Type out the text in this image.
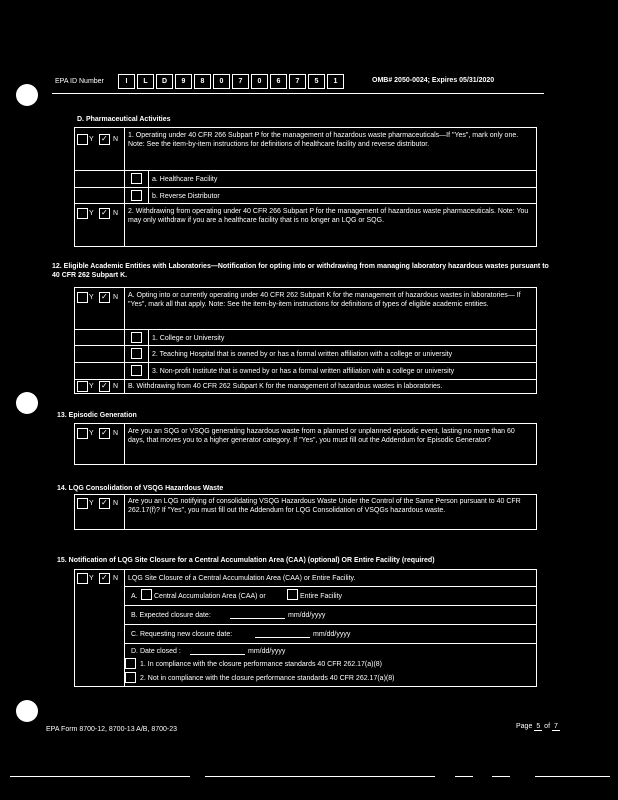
EPA ID Number	I	L	D	9	8	0	7	0	6	7	5	1	OMB# 2050-0024; Expires 05/31/2020
D. Pharmaceutical Activities
Y ✓ N
1. Operating under 40 CFR 266 Subpart P for the management of hazardous waste pharmaceuticals—If "Yes", mark only one. Note: See the item-by-item instructions for definitions of healthcare facility and reverse distributor.
a. Healthcare Facility
b. Reverse Distributor
Y ✓ N 2. Withdrawing from operating under 40 CFR 266 Subpart P for the management of hazardous waste pharmaceuticals. Note: You may only withdraw if you are a healthcare facility that is no longer an LQG or SQG.
12. Eligible Academic Entities with Laboratories—Notification for opting into or withdrawing from managing laboratory hazardous wastes pursuant to 40 CFR 262 Subpart K.
Y ✓ N A. Opting into or currently operating under 40 CFR 262 Subpart K for the management of hazardous wastes in laboratories— If "Yes", mark all that apply. Note: See the item-by-item instructions for definitions of types of eligible academic entities.
1. College or University
2. Teaching Hospital that is owned by or has a formal written affiliation with a college or university
3. Non-profit Institute that is owned by or has a formal written affiliation with a college or university
Y ✓ N B. Withdrawing from 40 CFR 262 Subpart K for the management of hazardous wastes in laboratories.
13. Episodic Generation
Y ✓ N Are you an SQG or VSQG generating hazardous waste from a planned or unplanned episodic event, lasting no more than 60 days, that moves you to a higher generator category. If "Yes", you must fill out the Addendum for Episodic Generator?
14. LQG Consolidation of VSQG Hazardous Waste
Y ✓ N Are you an LQG notifying of consolidating VSQG Hazardous Waste Under the Control of the Same Person pursuant to 40 CFR 262.17(f)? If "Yes", you must fill out the Addendum for LQG Consolidation of VSQGs hazardous waste.
15. Notification of LQG Site Closure for a Central Accumulation Area (CAA) (optional) OR Entire Facility (required)
Y ✓ N LQG Site Closure of a Central Accumulation Area (CAA) or Entire Facility.
A. Central Accumulation Area (CAA) or	Entire Facility
B. Expected closure date:	mm/dd/yyyy
C. Requesting new closure date:	mm/dd/yyyy
D. Date closed :	mm/dd/yyyy
1. In compliance with the closure performance standards 40 CFR 262.17(a)(8)
2. Not in compliance with the closure performance standards 40 CFR 262.17(a)(8)
EPA Form 8700-12, 8700-13 A/B, 8700-23	Page 5 of 7
